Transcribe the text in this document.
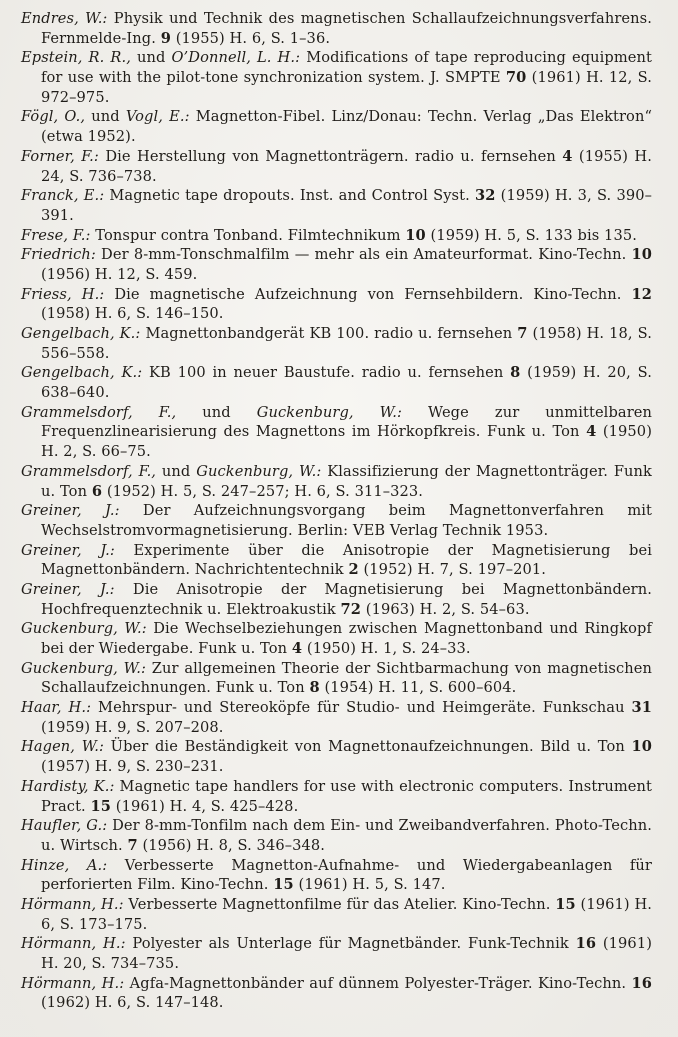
Endres, W.: Physik und Technik des magnetischen Schallaufzeichnungsverfahrens. Fernmelde-Ing. 9 (1955) H. 6, S. 1–36.

Epstein, R. R., und O’Donnell, L. H.: Modifications of tape reproducing equipment for use with the pilot-tone synchronization system. J. SMPTE 70 (1961) H. 12, S. 972–975.

Fögl, O., und Vogl, E.: Magnetton-Fibel. Linz/Donau: Techn. Verlag „Das Elektron“ (etwa 1952).

Forner, F.: Die Herstellung von Magnettonträgern. radio u. fernsehen 4 (1955) H. 24, S. 736–738.

Franck, E.: Magnetic tape dropouts. Inst. and Control Syst. 32 (1959) H. 3, S. 390–391.

Frese, F.: Tonspur contra Tonband. Filmtechnikum 10 (1959) H. 5, S. 133 bis 135.

Friedrich: Der 8-mm-Tonschmalfilm — mehr als ein Amateurformat. Kino-Techn. 10 (1956) H. 12, S. 459.

Friess, H.: Die magnetische Aufzeichnung von Fernsehbildern. Kino-Techn. 12 (1958) H. 6, S. 146–150.

Gengelbach, K.: Magnettonbandgerät KB 100. radio u. fernsehen 7 (1958) H. 18, S. 556–558.

Gengelbach, K.: KB 100 in neuer Baustufe. radio u. fernsehen 8 (1959) H. 20, S. 638–640.

Grammelsdorf, F., und Guckenburg, W.: Wege zur unmittelbaren Frequenzlinearisierung des Magnettons im Hörkopfkreis. Funk u. Ton 4 (1950) H. 2, S. 66–75.

Grammelsdorf, F., und Guckenburg, W.: Klassifizierung der Magnettonträger. Funk u. Ton 6 (1952) H. 5, S. 247–257; H. 6, S. 311–323.

Greiner, J.: Der Aufzeichnungsvorgang beim Magnettonverfahren mit Wechselstromvormagnetisierung. Berlin: VEB Verlag Technik 1953.

Greiner, J.: Experimente über die Anisotropie der Magnetisierung bei Magnettonbändern. Nachrichtentechnik 2 (1952) H. 7, S. 197–201.

Greiner, J.: Die Anisotropie der Magnetisierung bei Magnettonbändern. Hochfrequenztechnik u. Elektroakustik 72 (1963) H. 2, S. 54–63.

Guckenburg, W.: Die Wechselbeziehungen zwischen Magnettonband und Ringkopf bei der Wiedergabe. Funk u. Ton 4 (1950) H. 1, S. 24–33.

Guckenburg, W.: Zur allgemeinen Theorie der Sichtbarmachung von magnetischen Schallaufzeichnungen. Funk u. Ton 8 (1954) H. 11, S. 600–604.

Haar, H.: Mehrspur- und Stereoköpfe für Studio- und Heimgeräte. Funkschau 31 (1959) H. 9, S. 207–208.

Hagen, W.: Über die Beständigkeit von Magnettonaufzeichnungen. Bild u. Ton 10 (1957) H. 9, S. 230–231.

Hardisty, K.: Magnetic tape handlers for use with electronic computers. Instrument Pract. 15 (1961) H. 4, S. 425–428.

Haufler, G.: Der 8-mm-Tonfilm nach dem Ein- und Zweibandverfahren. Photo-Techn. u. Wirtsch. 7 (1956) H. 8, S. 346–348.

Hinze, A.: Verbesserte Magnetton-Aufnahme- und Wiedergabeanlagen für perforierten Film. Kino-Techn. 15 (1961) H. 5, S. 147.

Hörmann, H.: Verbesserte Magnettonfilme für das Atelier. Kino-Techn. 15 (1961) H. 6, S. 173–175.

Hörmann, H.: Polyester als Unterlage für Magnetbänder. Funk-Technik 16 (1961) H. 20, S. 734–735.

Hörmann, H.: Agfa-Magnettonbänder auf dünnem Polyester-Träger. Kino-Techn. 16 (1962) H. 6, S. 147–148.
